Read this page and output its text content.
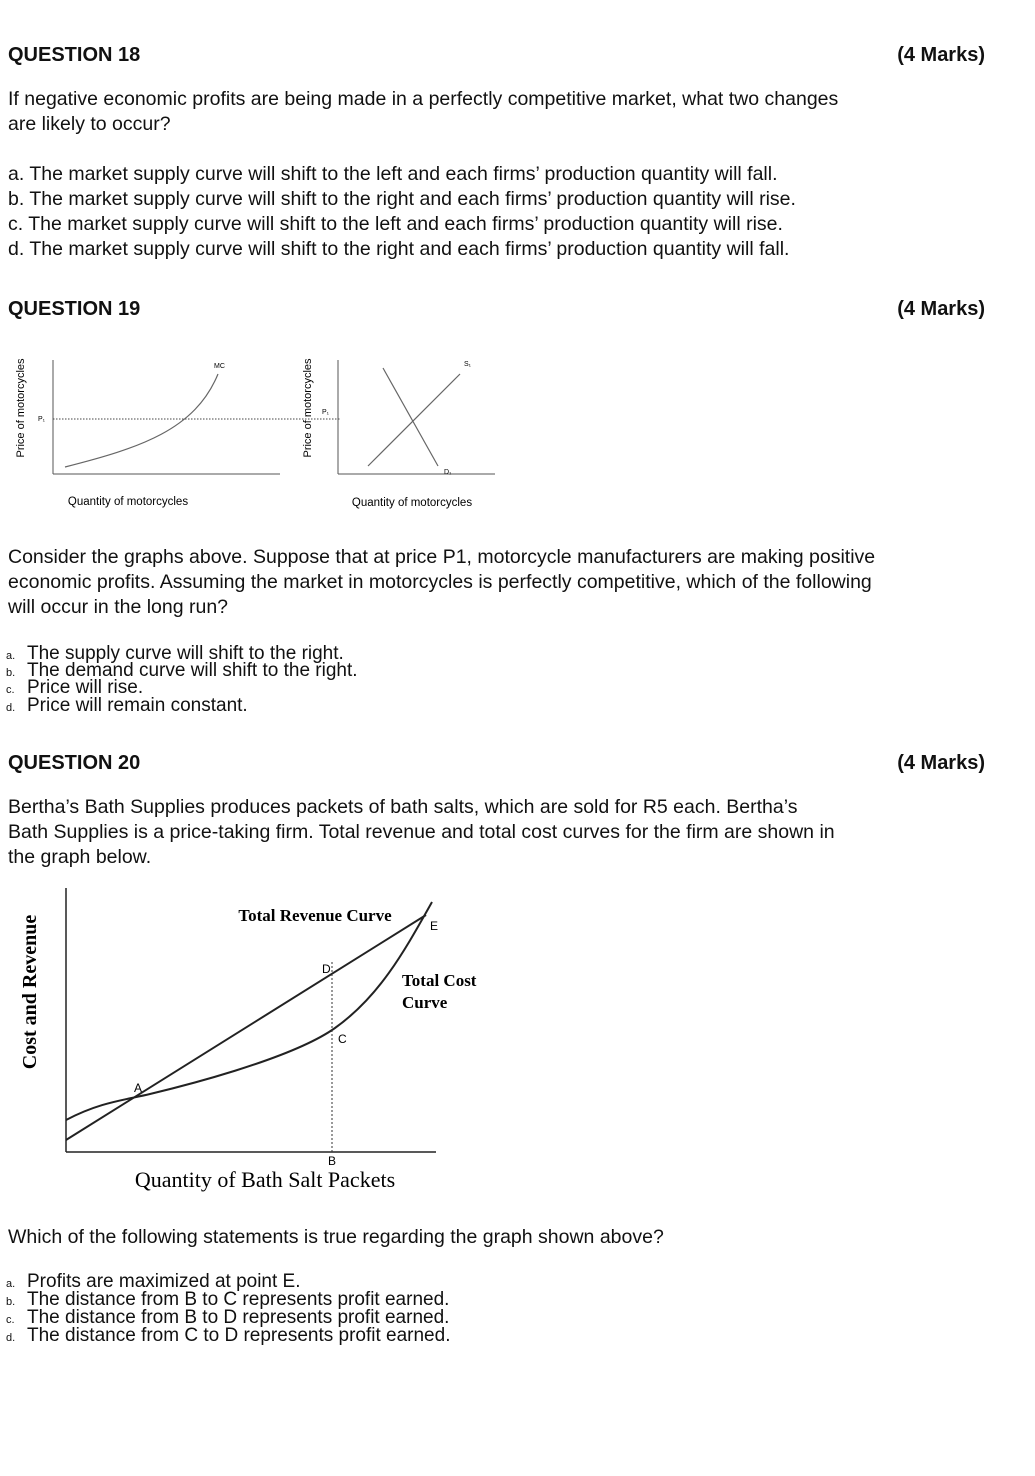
QUESTION 18	(4 Marks)
If negative economic profits are being made in a perfectly competitive market, what two changes are likely to occur?
a. The market supply curve will shift to the left and each firms’ production quantity will fall.
b. The market supply curve will shift to the right and each firms’ production quantity will rise.
c. The market supply curve will shift to the left and each firms’ production quantity will rise.
d. The market supply curve will shift to the right and each firms’ production quantity will fall.
QUESTION 19	(4 Marks)
Price of motorcycles P₁
MC
Quantity of motorcycles
Price of motorcycles P₁
S₁
D₁
Quantity of motorcycles
Consider the graphs above. Suppose that at price P1, motorcycle manufacturers are making positive economic profits. Assuming the market in motorcycles is perfectly competitive, which of the following will occur in the long run?
a. The supply curve will shift to the right.
b. The demand curve will shift to the right.
c. Price will rise.
d. Price will remain constant.
QUESTION 20	(4 Marks)
Bertha’s Bath Supplies produces packets of bath salts, which are sold for R5 each. Bertha’s Bath Supplies is a price-taking firm. Total revenue and total cost curves for the firm are shown in the graph below.
Cost and Revenue	Total Revenue Curve
Total Cost
Curve
A
B
C
D
E
Quantity of Bath Salt Packets
Which of the following statements is true regarding the graph shown above?
a. Profits are maximized at point E.
b. The distance from B to C represents profit earned.
c. The distance from B to D represents profit earned.
d. The distance from C to D represents profit earned.
